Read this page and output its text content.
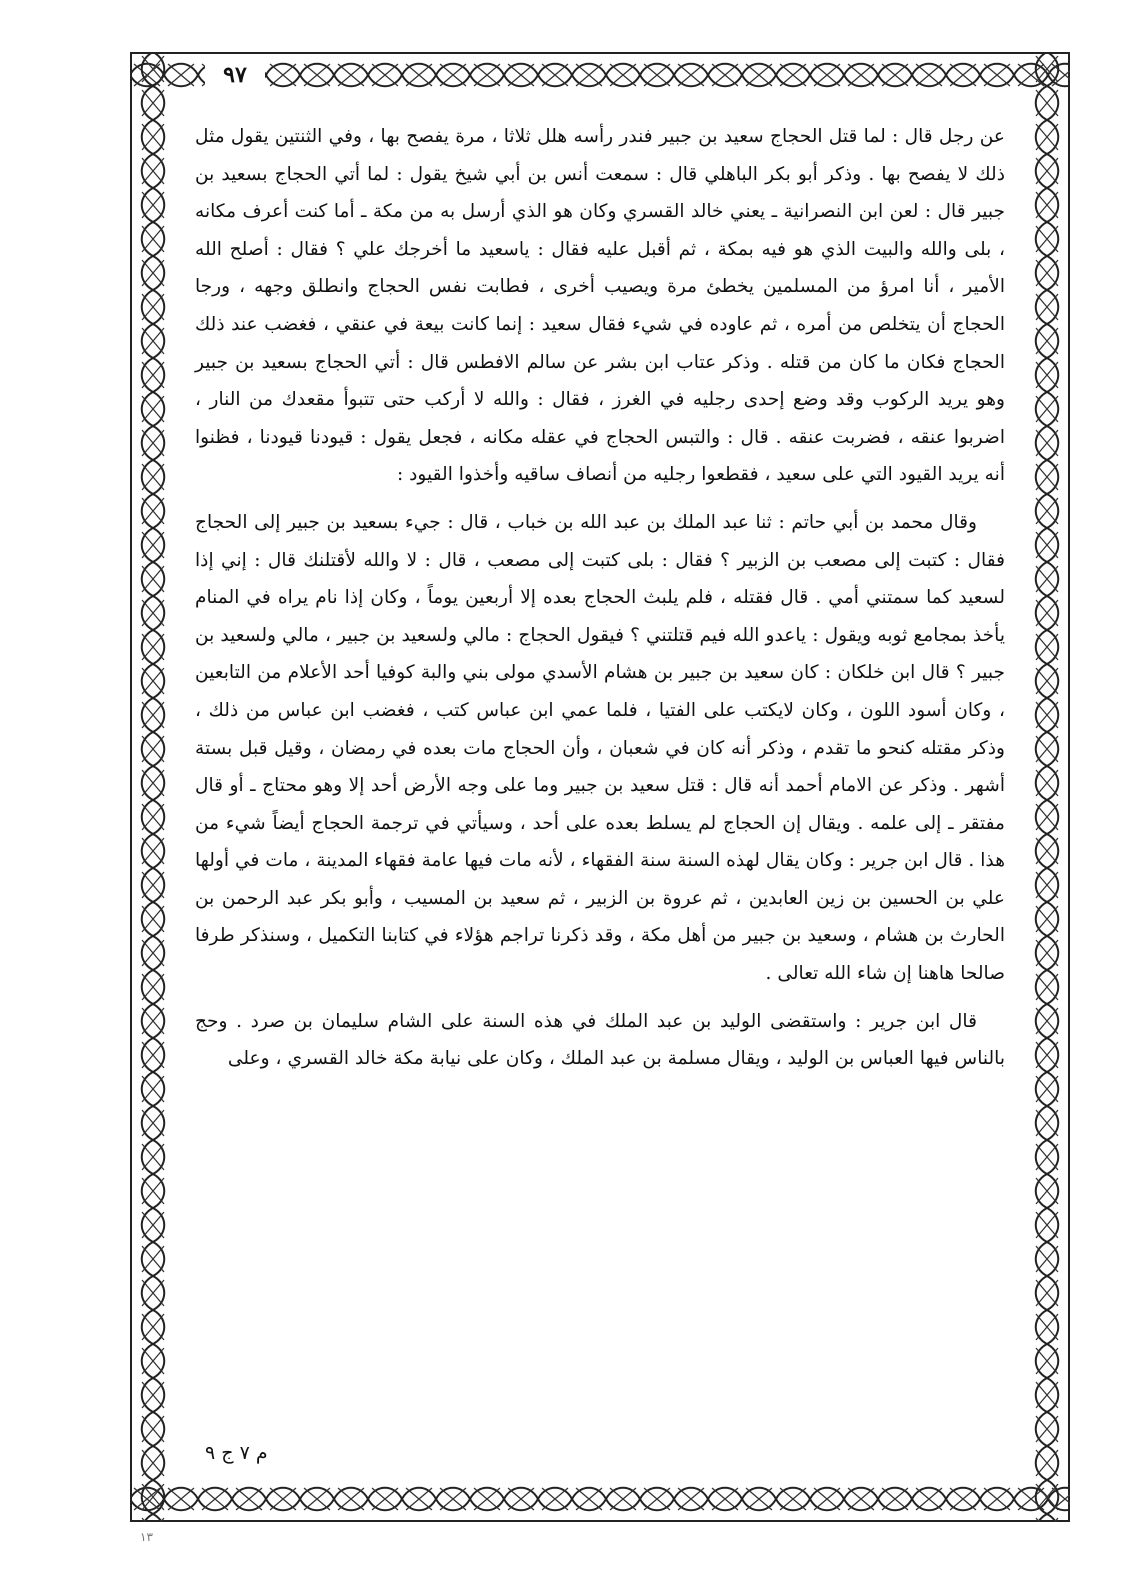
٩٧

عن رجل قال : لما قتل الحجاج سعيد بن جبير فندر رأسه هلل ثلاثا ، مرة يفصح بها ، وفي الثنتين يقول مثل ذلك لا يفصح بها . وذكر أبو بكر الباهلي قال : سمعت أنس بن أبي شيخ يقول : لما أتي الحجاج بسعيد بن جبير قال : لعن ابن النصرانية ـ يعني خالد القسري وكان هو الذي أرسل به من مكة ـ أما كنت أعرف مكانه ، بلى والله والبيت الذي هو فيه بمكة ، ثم أقبل عليه فقال : ياسعيد ما أخرجك علي ؟ فقال : أصلح الله الأمير ، أنا امرؤ من المسلمين يخطئ مرة ويصيب أخرى ، فطابت نفس الحجاج وانطلق وجهه ، ورجا الحجاج أن يتخلص من أمره ، ثم عاوده في شيء فقال سعيد : إنما كانت بيعة في عنقي ، فغضب عند ذلك الحجاج فكان ما كان من قتله . وذكر عتاب ابن بشر عن سالم الافطس قال : أتي الحجاج بسعيد بن جبير وهو يريد الركوب وقد وضع إحدى رجليه في الغرز ، فقال : والله لا أركب حتى تتبوأ مقعدك من النار ، اضربوا عنقه ، فضربت عنقه . قال : والتبس الحجاج في عقله مكانه ، فجعل يقول : قيودنا قيودنا ، فظنوا أنه يريد القيود التي على سعيد ، فقطعوا رجليه من أنصاف ساقيه وأخذوا القيود :

وقال محمد بن أبي حاتم : ثنا عبد الملك بن عبد الله بن خباب ، قال : جيء بسعيد بن جبير إلى الحجاج فقال : كتبت إلى مصعب بن الزبير ؟ فقال : بلى كتبت إلى مصعب ، قال : لا والله لأقتلنك قال : إني إذا لسعيد كما سمتني أمي . قال فقتله ، فلم يلبث الحجاج بعده إلا أربعين يوماً ، وكان إذا نام يراه في المنام يأخذ بمجامع ثوبه ويقول : ياعدو الله فيم قتلتني ؟ فيقول الحجاج : مالي ولسعيد بن جبير ، مالي ولسعيد بن جبير ؟ قال ابن خلكان : كان سعيد بن جبير بن هشام الأسدي مولى بني والبة كوفيا أحد الأعلام من التابعين ، وكان أسود اللون ، وكان لايكتب على الفتيا ، فلما عمي ابن عباس كتب ، فغضب ابن عباس من ذلك ، وذكر مقتله كنحو ما تقدم ، وذكر أنه كان في شعبان ، وأن الحجاج مات بعده في رمضان ، وقيل قبل بستة أشهر . وذكر عن الامام أحمد أنه قال : قتل سعيد بن جبير وما على وجه الأرض أحد إلا وهو محتاج ـ أو قال مفتقر ـ إلى علمه . ويقال إن الحجاج لم يسلط بعده على أحد ، وسيأتي في ترجمة الحجاج أيضاً شيء من هذا . قال ابن جرير : وكان يقال لهذه السنة سنة الفقهاء ، لأنه مات فيها عامة فقهاء المدينة ، مات في أولها علي بن الحسين بن زين العابدين ، ثم عروة بن الزبير ، ثم سعيد بن المسيب ، وأبو بكر عبد الرحمن بن الحارث بن هشام ، وسعيد بن جبير من أهل مكة ، وقد ذكرنا تراجم هؤلاء في كتابنا التكميل ، وسنذكر طرفا صالحا هاهنا إن شاء الله تعالى .

قال ابن جرير : واستقضى الوليد بن عبد الملك في هذه السنة على الشام سليمان بن صرد . وحج بالناس فيها العباس بن الوليد ، ويقال مسلمة بن عبد الملك ، وكان على نيابة مكة خالد القسري ، وعلى

م ٧ ج ٩
١٣
